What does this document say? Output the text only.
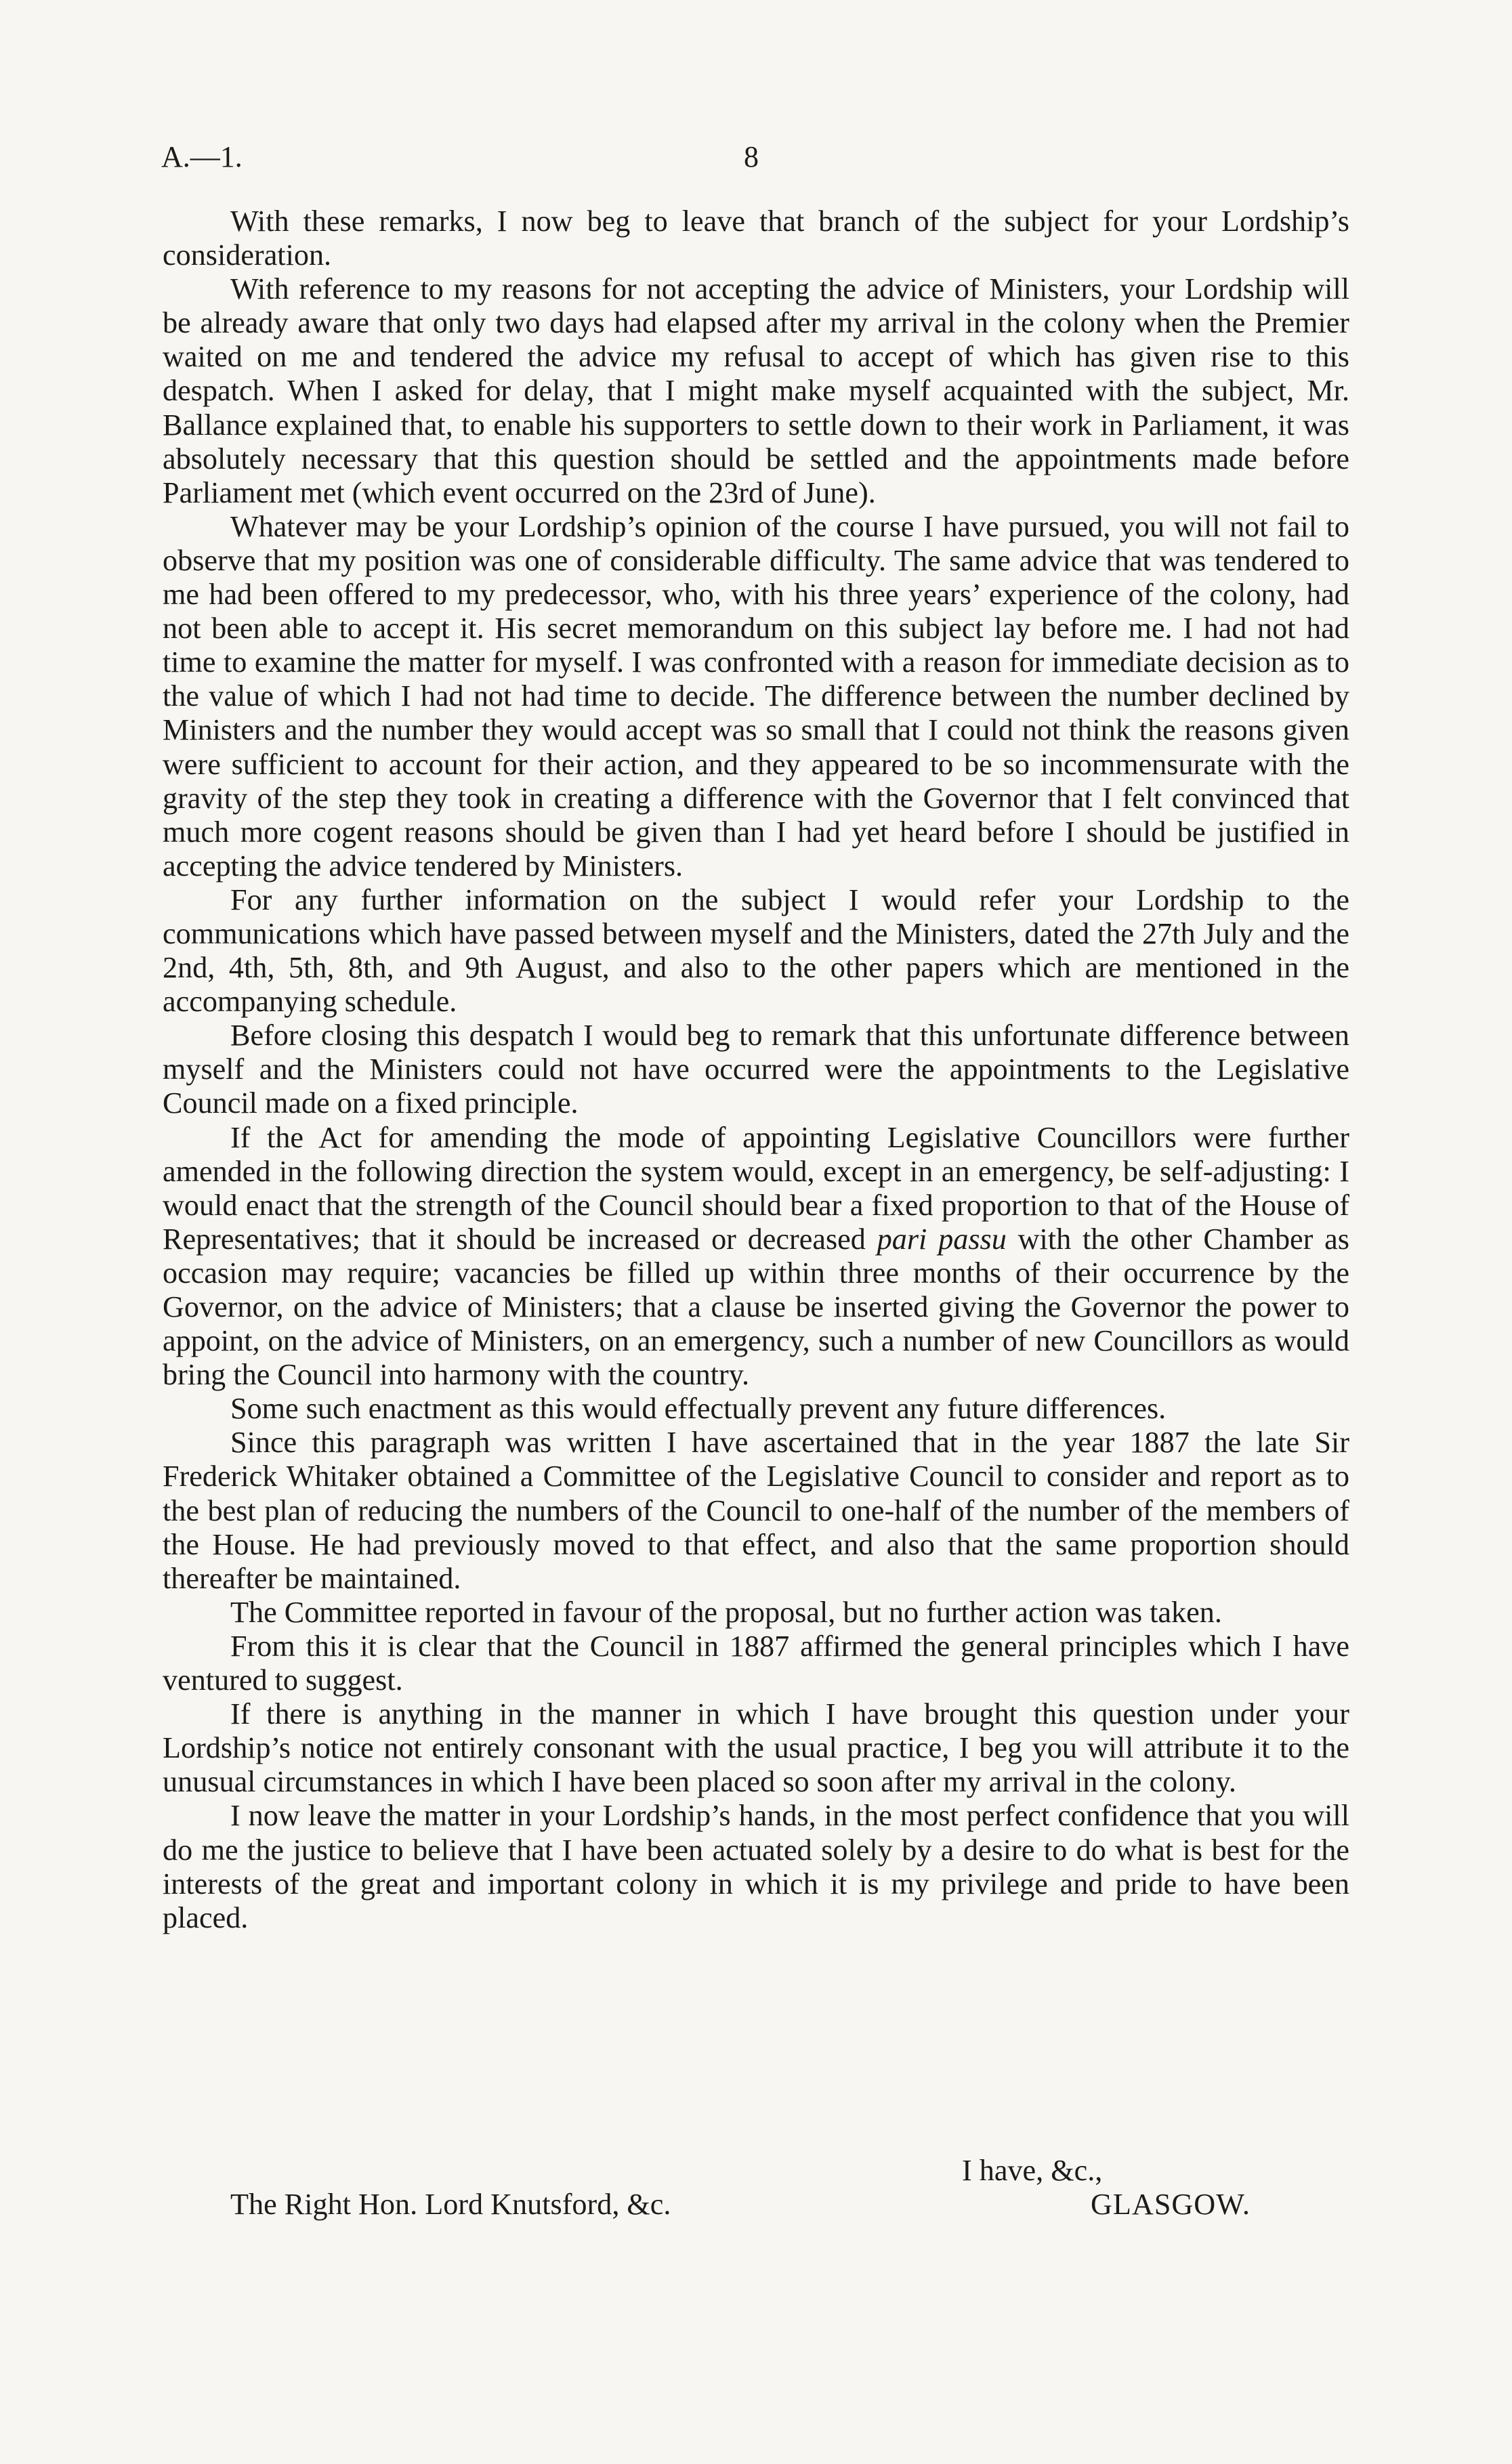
A.—1.	8

With these remarks, I now beg to leave that branch of the subject for your Lordship’s consideration.

With reference to my reasons for not accepting the advice of Ministers, your Lordship will be already aware that only two days had elapsed after my arrival in the colony when the Premier waited on me and tendered the advice my refusal to accept of which has given rise to this despatch. When I asked for delay, that I might make myself acquainted with the subject, Mr. Ballance explained that, to enable his supporters to settle down to their work in Parliament, it was absolutely necessary that this question should be settled and the appointments made before Parliament met (which event occurred on the 23rd of June).

Whatever may be your Lordship’s opinion of the course I have pursued, you will not fail to observe that my position was one of considerable difficulty. The same advice that was tendered to me had been offered to my predecessor, who, with his three years’ experience of the colony, had not been able to accept it. His secret memorandum on this subject lay before me. I had not had time to examine the matter for myself. I was confronted with a reason for immediate decision as to the value of which I had not had time to decide. The difference between the number declined by Ministers and the number they would accept was so small that I could not think the reasons given were sufficient to account for their action, and they appeared to be so incommensurate with the gravity of the step they took in creating a difference with the Governor that I felt convinced that much more cogent reasons should be given than I had yet heard before I should be justified in accepting the advice tendered by Ministers.

For any further information on the subject I would refer your Lordship to the communications which have passed between myself and the Ministers, dated the 27th July and the 2nd, 4th, 5th, 8th, and 9th August, and also to the other papers which are mentioned in the accompanying schedule.

Before closing this despatch I would beg to remark that this unfortunate difference between myself and the Ministers could not have occurred were the appointments to the Legislative Council made on a fixed principle.

If the Act for amending the mode of appointing Legislative Councillors were further amended in the following direction the system would, except in an emergency, be self-adjusting: I would enact that the strength of the Council should bear a fixed proportion to that of the House of Representatives; that it should be increased or decreased pari passu with the other Chamber as occasion may require; vacancies be filled up within three months of their occurrence by the Governor, on the advice of Ministers; that a clause be inserted giving the Governor the power to appoint, on the advice of Ministers, on an emergency, such a number of new Councillors as would bring the Council into harmony with the country.

Some such enactment as this would effectually prevent any future differences.

Since this paragraph was written I have ascertained that in the year 1887 the late Sir Frederick Whitaker obtained a Committee of the Legislative Council to consider and report as to the best plan of reducing the numbers of the Council to one-half of the number of the members of the House. He had previously moved to that effect, and also that the same proportion should thereafter be maintained.

The Committee reported in favour of the proposal, but no further action was taken.

From this it is clear that the Council in 1887 affirmed the general principles which I have ventured to suggest.

If there is anything in the manner in which I have brought this question under your Lordship’s notice not entirely consonant with the usual practice, I beg you will attribute it to the unusual circumstances in which I have been placed so soon after my arrival in the colony.

I now leave the matter in your Lordship’s hands, in the most perfect confidence that you will do me the justice to believe that I have been actuated solely by a desire to do what is best for the interests of the great and important colony in which it is my privilege and pride to have been placed.

I have, &c.,

The Right Hon. Lord Knutsford, &c.	GLASGOW.
